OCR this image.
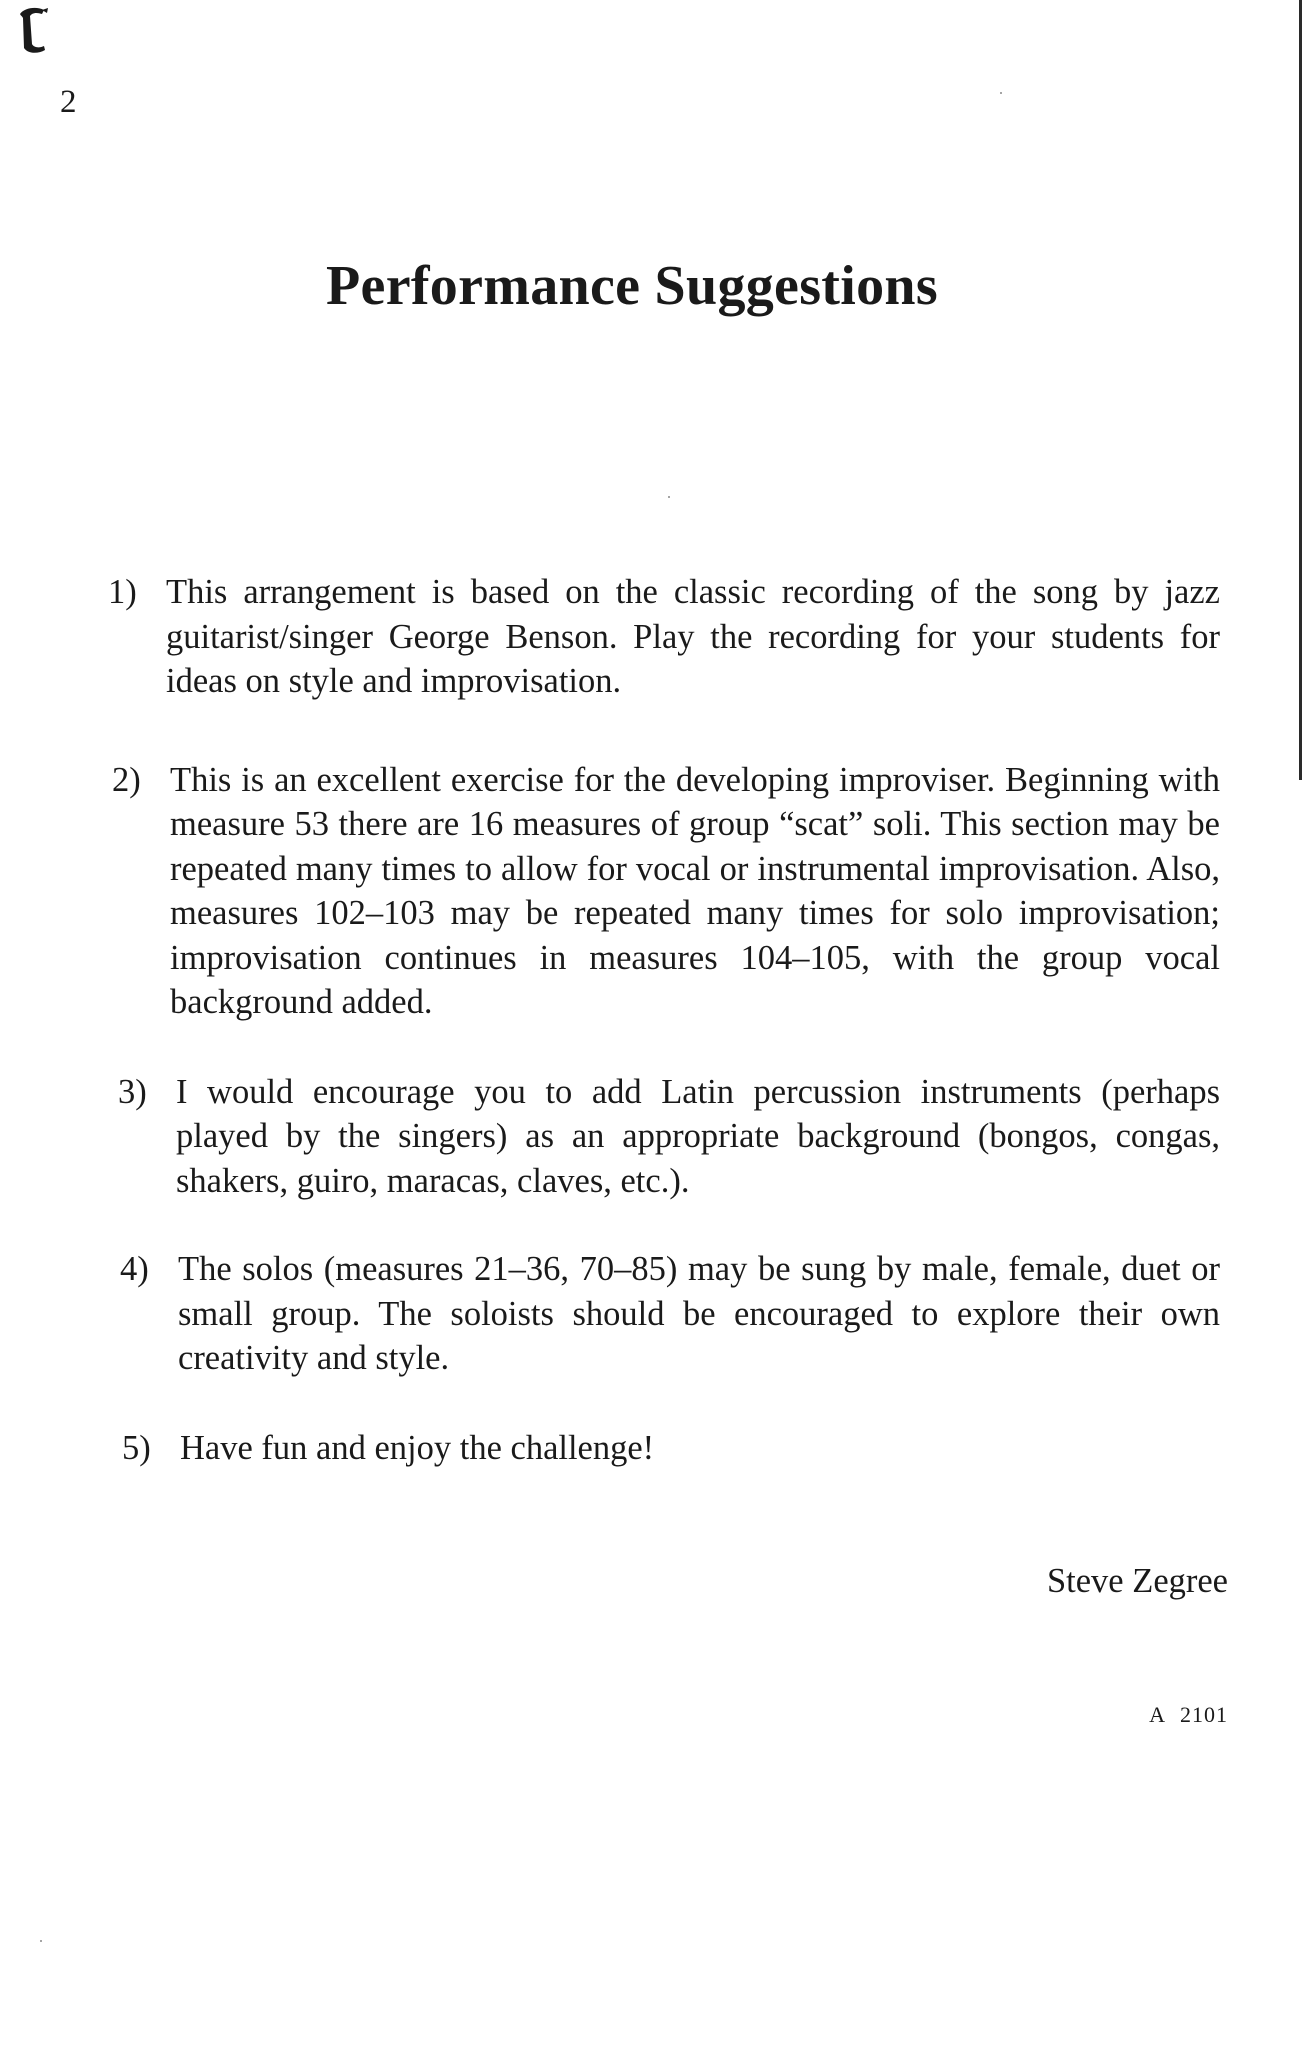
2
Performance Suggestions
1) This arrangement is based on the classic recording of the song by jazz guitarist/singer George Benson. Play the recording for your students for ideas on style and improvisation.
2) This is an excellent exercise for the developing improviser. Beginning with measure 53 there are 16 measures of group “scat” soli. This section may be repeated many times to allow for vocal or instrumental improvisation. Also, measures 102–103 may be repeated many times for solo improvisation; improvisation continues in measures 104–105, with the group vocal background added.
3) I would encourage you to add Latin percussion instruments (perhaps played by the singers) as an appropriate background (bongos, congas, shakers, guiro, maracas, claves, etc.).
4) The solos (measures 21–36, 70–85) may be sung by male, female, duet or small group. The soloists should be encouraged to explore their own creativity and style.
5) Have fun and enjoy the challenge!
Steve Zegree
A 2101
